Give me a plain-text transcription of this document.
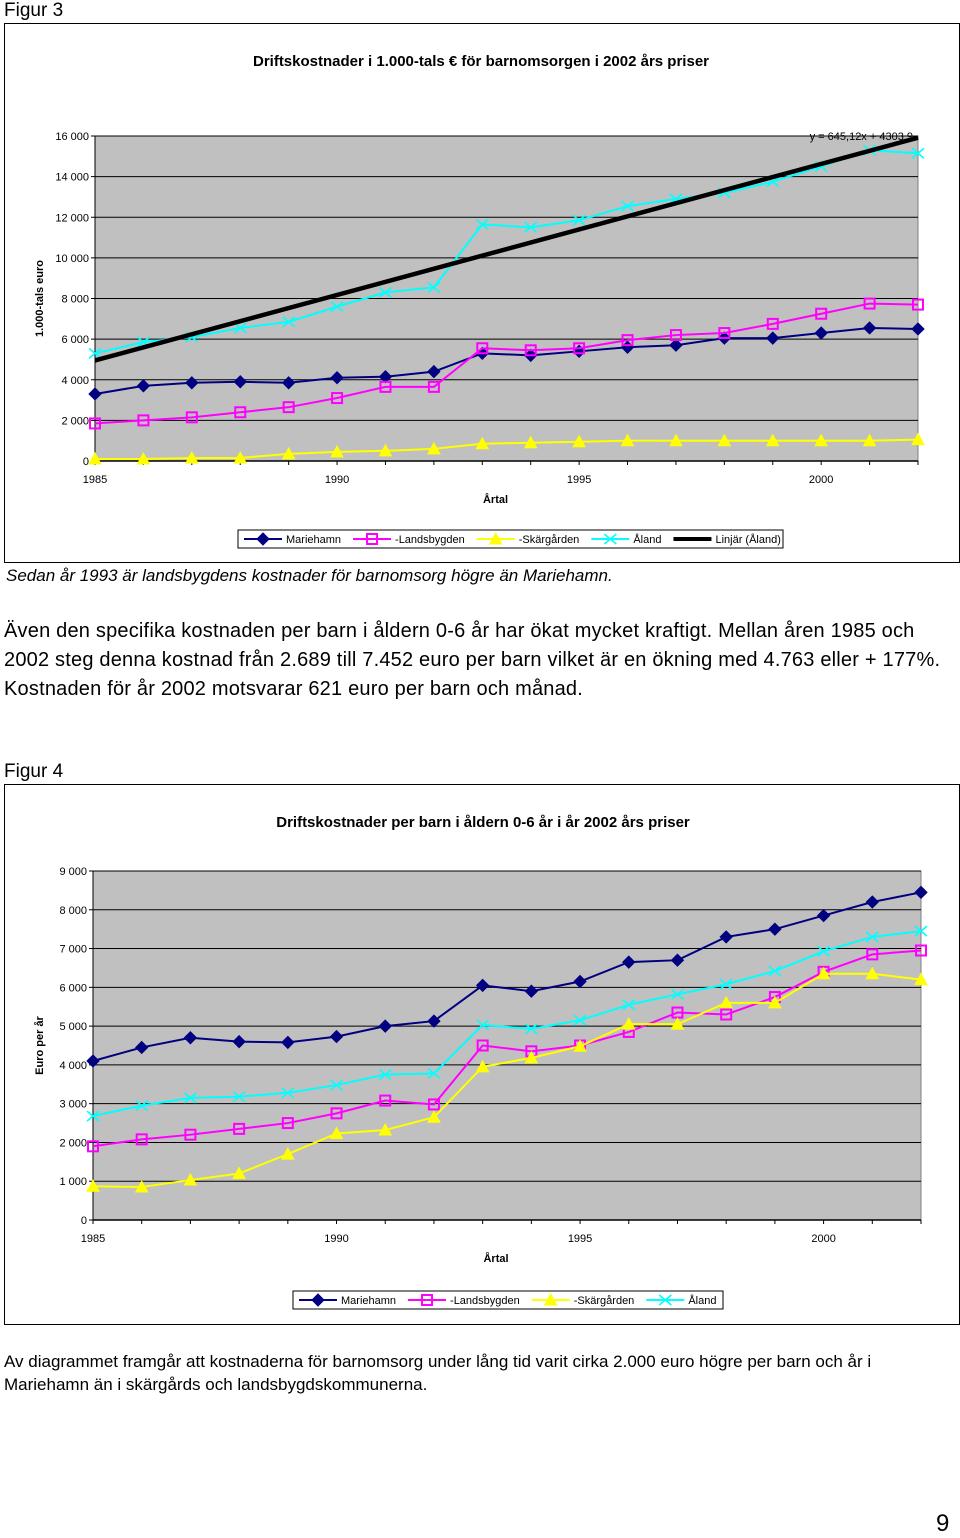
Figur 3
Driftskostnader i 1.000-tals € för barnomsorgen i 2002 års priser
0
2 000
4 000
6 000
8 000
10 000
12 000
14 000
16 000
1985	1990	1995	2000
Årtal
1.000-tals euro
y = 645,12x + 4303,9
Mariehamn	-Landsbygden	-Skärgården	Åland	Linjär (Åland)
Sedan år 1993 är landsbygdens kostnader för barnomsorg högre än Mariehamn.
Även den specifika kostnaden per barn i åldern 0-6 år har ökat mycket kraftigt. Mellan åren 1985 och 2002 steg denna kostnad från 2.689 till 7.452 euro per barn vilket är en ökning med 4.763 eller + 177%. Kostnaden för år 2002 motsvarar 621 euro per barn och månad.
Figur 4
Driftskostnader per barn i åldern 0-6 år i år 2002 års priser
0
1 000
2 000
3 000
4 000
5 000
6 000
7 000
8 000
9 000
1985	1990	1995	2000
Årtal
Euro per år
Mariehamn	-Landsbygden	-Skärgården	Åland
Av diagrammet framgår att kostnaderna för barnomsorg under lång tid varit cirka 2.000 euro högre per barn och år i Mariehamn än i skärgårds och landsbygdskommunerna.
9
